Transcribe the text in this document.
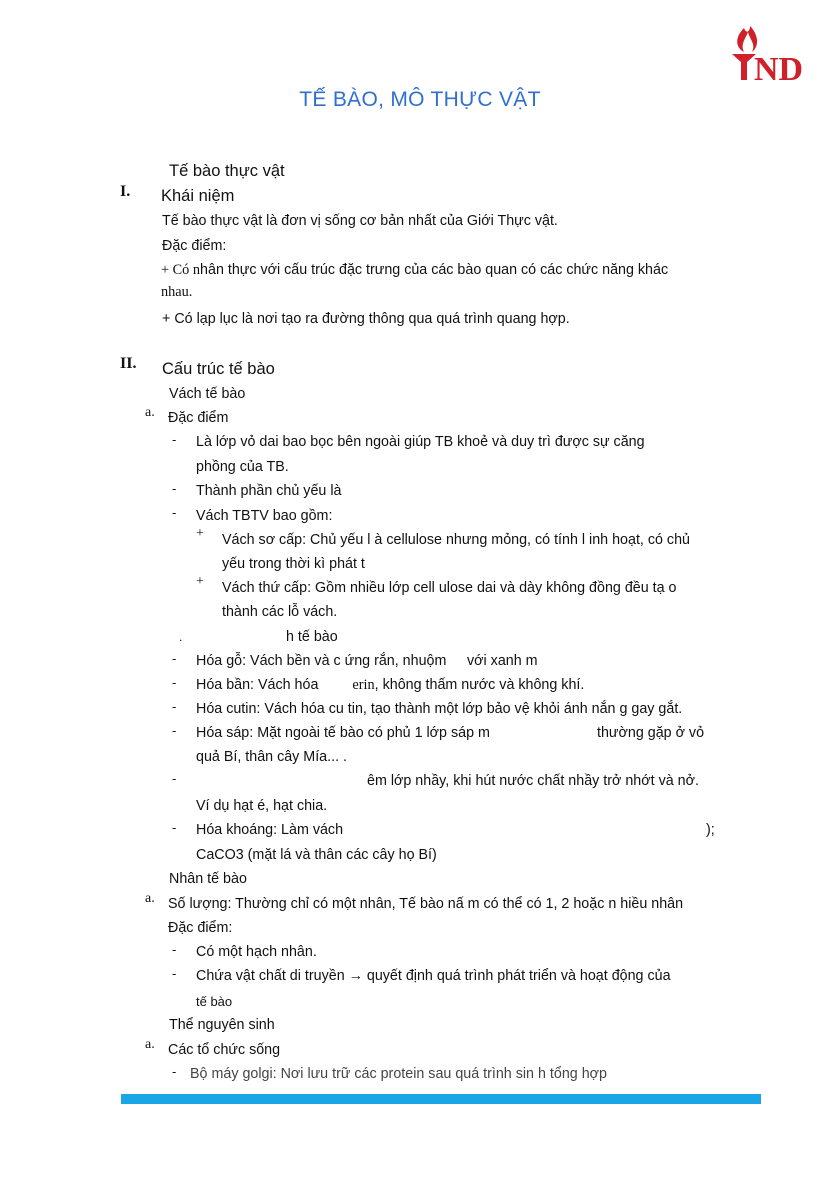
ND
TẾ BÀO, MÔ THỰC VẬT
Tế bào thực vật
I. Khái niệm
Tế bào thực vật là đơn vị sống cơ bản nhất của Giới Thực vật.
Đặc điểm:
+ Có nhân thực với cấu trúc đặc trưng của các bào quan có các chức năng khác
nhau.
+ Có lạp lục là nơi tạo ra đường thông qua quá trình quang hợp.
II. Cấu trúc tế bào
Vách tế bào
a. Đặc điểm
- Là lớp vỏ dai bao bọc bên ngoài giúp TB khoẻ và duy trì được sự căng
phồng của TB.
- Thành phần chủ yếu là
- Vách TBTV bao gồm:
+ Vách sơ cấp: Chủ yếu l à cellulose nhưng mỏng, có tính l inh hoạt, có chủ
yếu trong thời kì phát t
+ Vách thứ cấp: Gồm nhiều lớp cell ulose dai và dày không đồng đều tạ o
thành các lỗ vách.
.	h tế bào
- Hóa gỗ: Vách bền và c ứng rắn, nhuộm với xanh m
- Hóa bần: Vách hóa erin, không thấm nước và không khí.
- Hóa cutin: Vách hóa cu tin, tạo thành một lớp bảo vệ khỏi ánh nắn g gay gắt.
- Hóa sáp: Mặt ngoài tế bào có phủ 1 lớp sáp m	thường gặp ở vỏ
quả Bí, thân cây Mía... .
-	êm lớp nhầy, khi hút nước chất nhầy trở nhớt và nở.
Ví dụ hạt é, hạt chia.
- Hóa khoáng: Làm vách	);
CaCO3 (mặt lá và thân các cây họ Bí)
Nhân tế bào
a. Số lượng: Thường chỉ có một nhân, Tế bào nấ m có thể có 1, 2 hoặc n hiều nhân
Đặc điểm:
- Có một hạch nhân.
- Chứa vật chất di truyền → quyết định quá trình phát triển và hoạt động của
tế bào
Thể nguyên sinh
a. Các tổ chức sống
- Bộ máy golgi: Nơi lưu trữ các protein sau quá trình sin h tổng hợp
